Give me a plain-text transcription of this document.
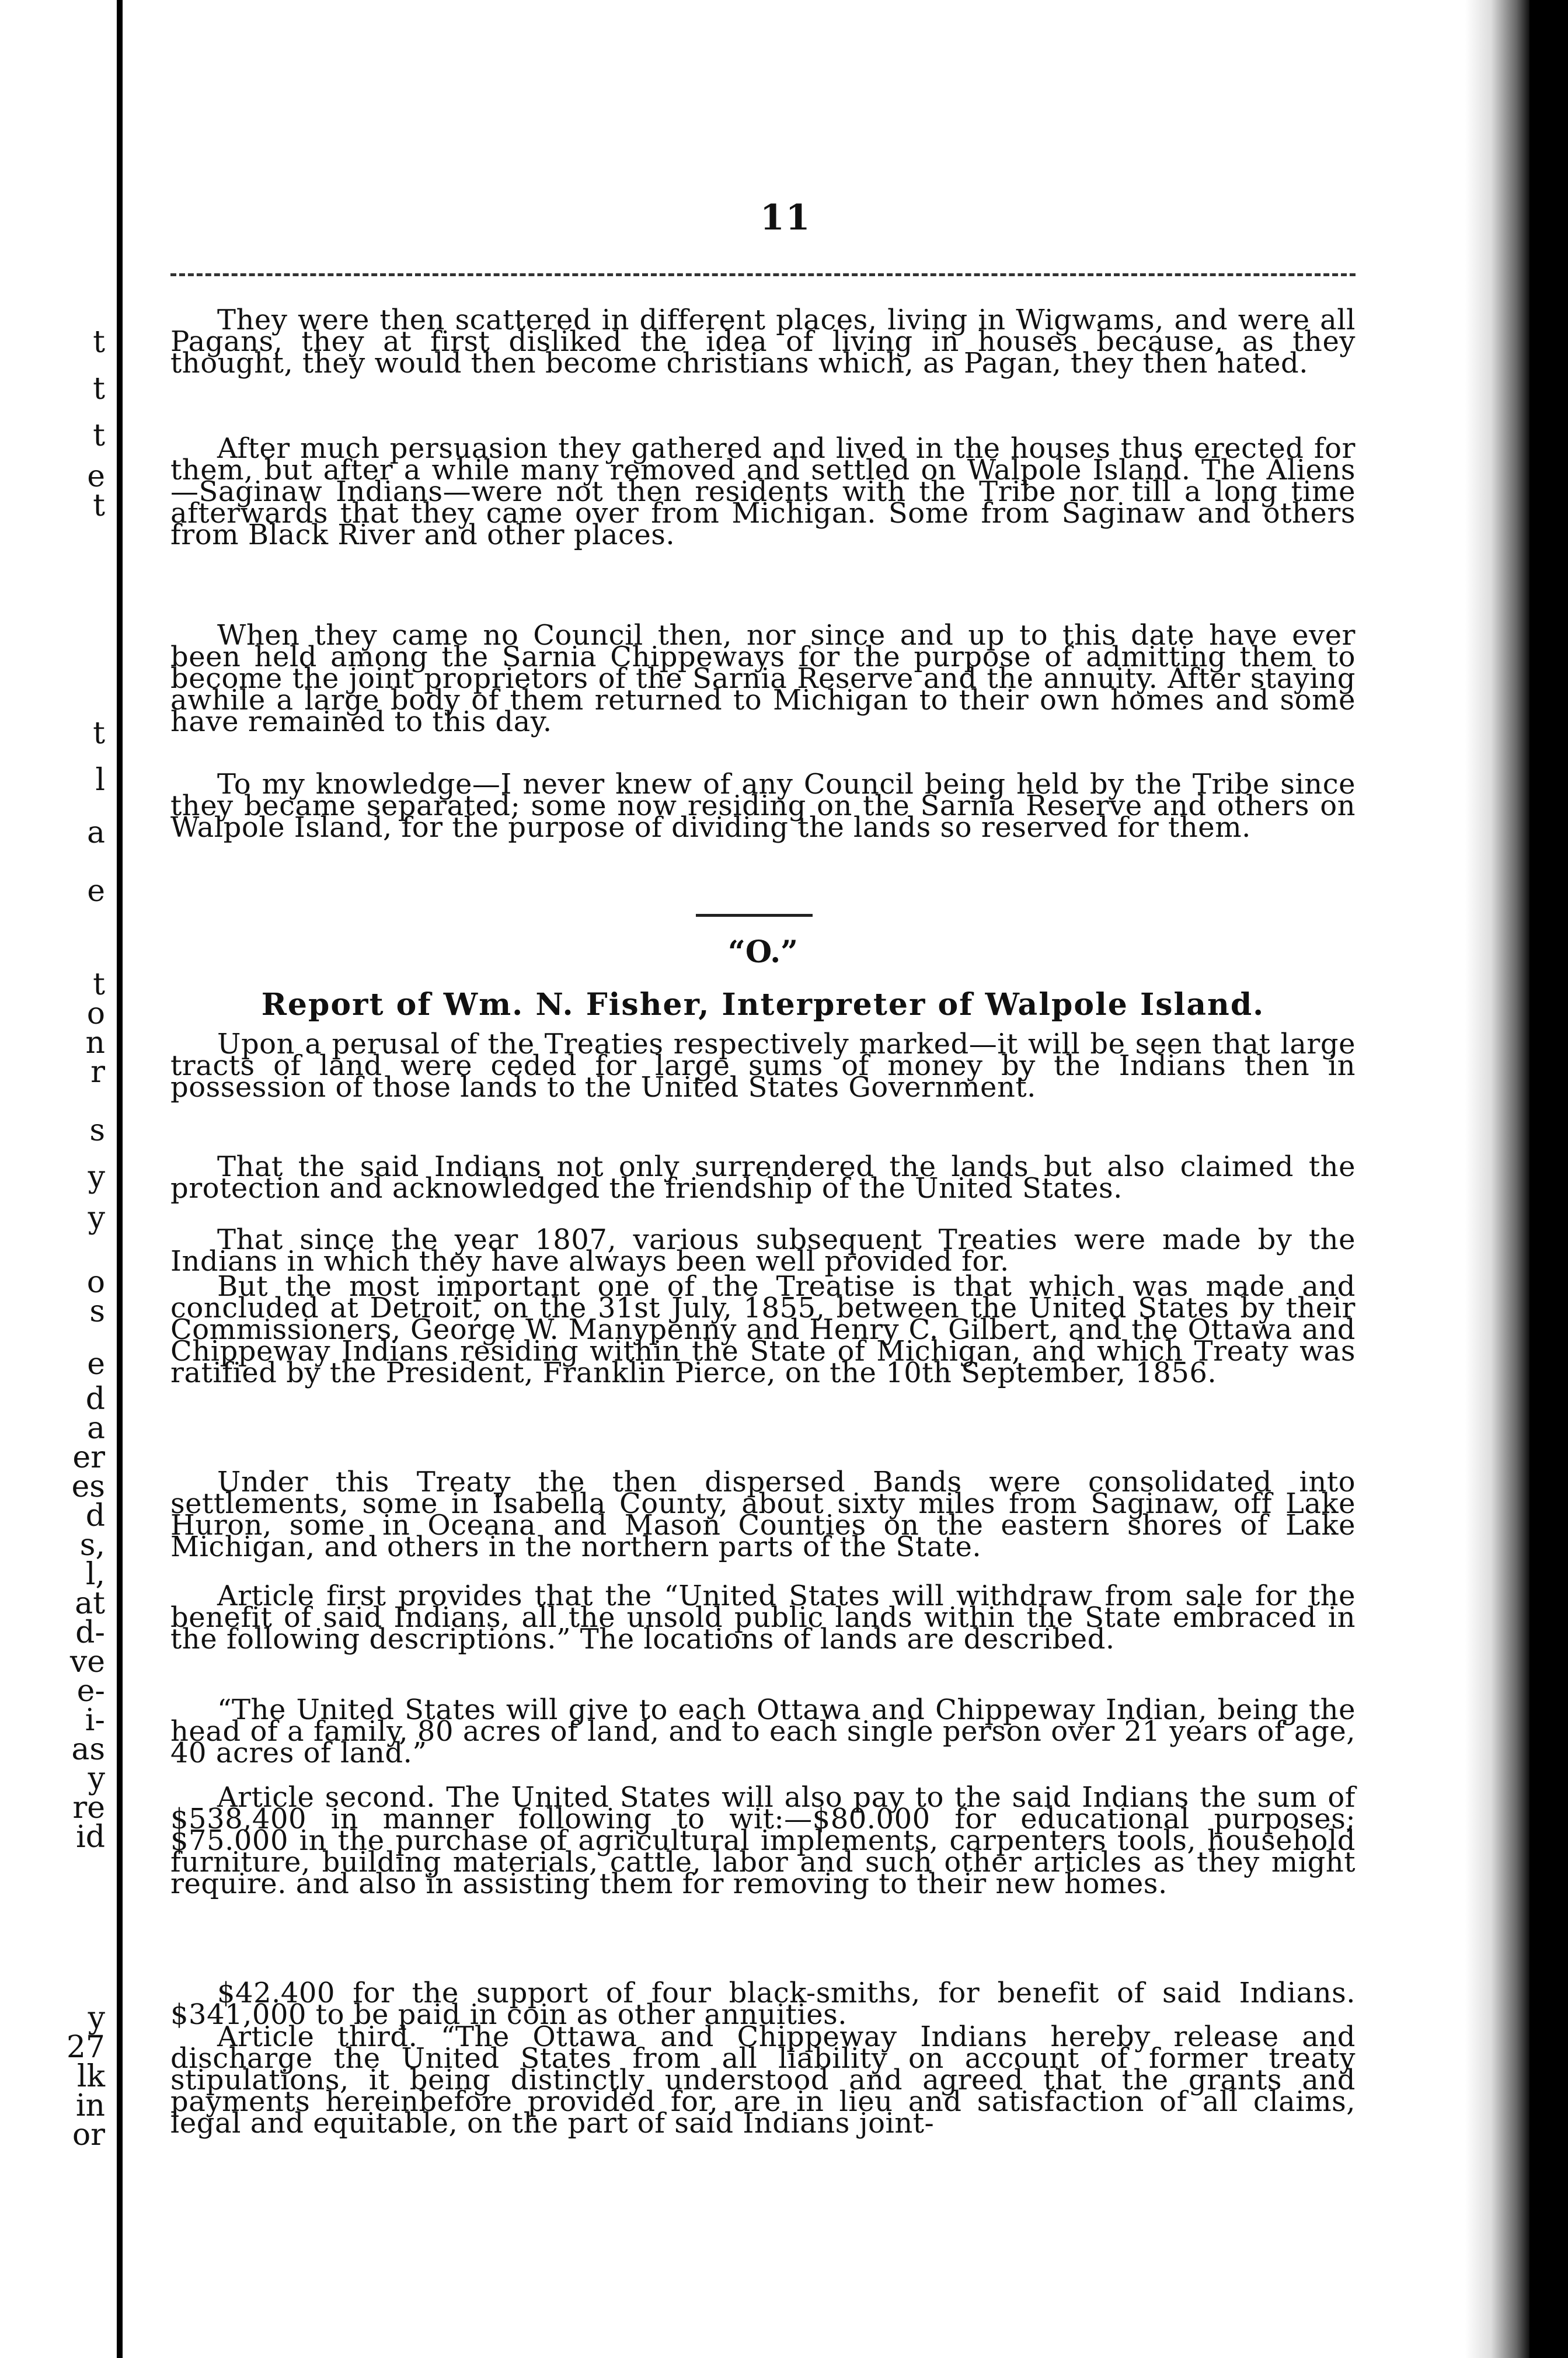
t
t
t
e
t
t
l
a
e
t
o
n
r
s
y
y
o
s
e
d
a
er
es
d
s,
l,
at
d-
ve
e-
i-
as
y
re
id
y
27
lk
in
or
11
They were then scattered in different places, living in Wigwams, and were all Pagans, they at first disliked the idea of living in houses because, as they thought, they would then become christians which, as Pagan, they then hated.
After much persuasion they gathered and lived in the houses thus erected for them, but after a while many removed and settled on Walpole Island. The Aliens—Saginaw Indians—were not then residents with the Tribe nor till a long time afterwards that they came over from Michigan. Some from Saginaw and others from Black River and other places.
When they came no Council then, nor since and up to this date have ever been held among the Sarnia Chippeways for the purpose of admitting them to become the joint proprietors of the Sarnia Reserve and the annuity. After staying awhile a large body of them returned to Michigan to their own homes and some have remained to this day.
To my knowledge—I never knew of any Council being held by the Tribe since they became separated; some now residing on the Sarnia Reserve and others on Walpole Island, for the purpose of dividing the lands so reserved for them.
“O.”
Report of Wm. N. Fisher, Interpreter of Walpole Island.
Upon a perusal of the Treaties respectively marked—it will be seen that large tracts of land were ceded for large sums of money by the Indians then in possession of those lands to the United States Government.
That the said Indians not only surrendered the lands but also claimed the protection and acknowledged the friendship of the United States.
That since the year 1807, various subsequent Treaties were made by the Indians in which they have always been well provided for.
But the most important one of the Treatise is that which was made and concluded at Detroit, on the 31st July, 1855, between the United States by their Commissioners, George W. Manypenny and Henry C. Gilbert, and the Ottawa and Chippeway Indians residing within the State of Michigan, and which Treaty was ratified by the President, Franklin Pierce, on the 10th September, 1856.
Under this Treaty the then dispersed Bands were consolidated into settlements, some in Isabella County, about sixty miles from Saginaw, off Lake Huron, some in Oceana and Mason Counties on the eastern shores of Lake Michigan, and others in the northern parts of the State.
Article first provides that the “United States will withdraw from sale for the benefit of said Indians, all the unsold public lands within the State embraced in the following descriptions.” The locations of lands are described.
“The United States will give to each Ottawa and Chippeway Indian, being the head of a family, 80 acres of land, and to each single person over 21 years of age, 40 acres of land.”
Article second. The United States will also pay to the said Indians the sum of $538,400 in manner following to wit:—$80.000 for educational purposes; $75.000 in the purchase of agricultural implements, carpenters tools, household furniture, building materials, cattle, labor and such other articles as they might require. and also in assisting them for removing to their new homes.
$42.400 for the support of four black-smiths, for benefit of said Indians. $341,000 to be paid in coin as other annuities.
Article third. “The Ottawa and Chippeway Indians hereby release and discharge the United States from all liability on account of former treaty stipulations, it being distinctly understood and agreed that the grants and payments hereinbefore provided for, are in lieu and satisfaction of all claims, legal and equitable, on the part of said Indians joint-
